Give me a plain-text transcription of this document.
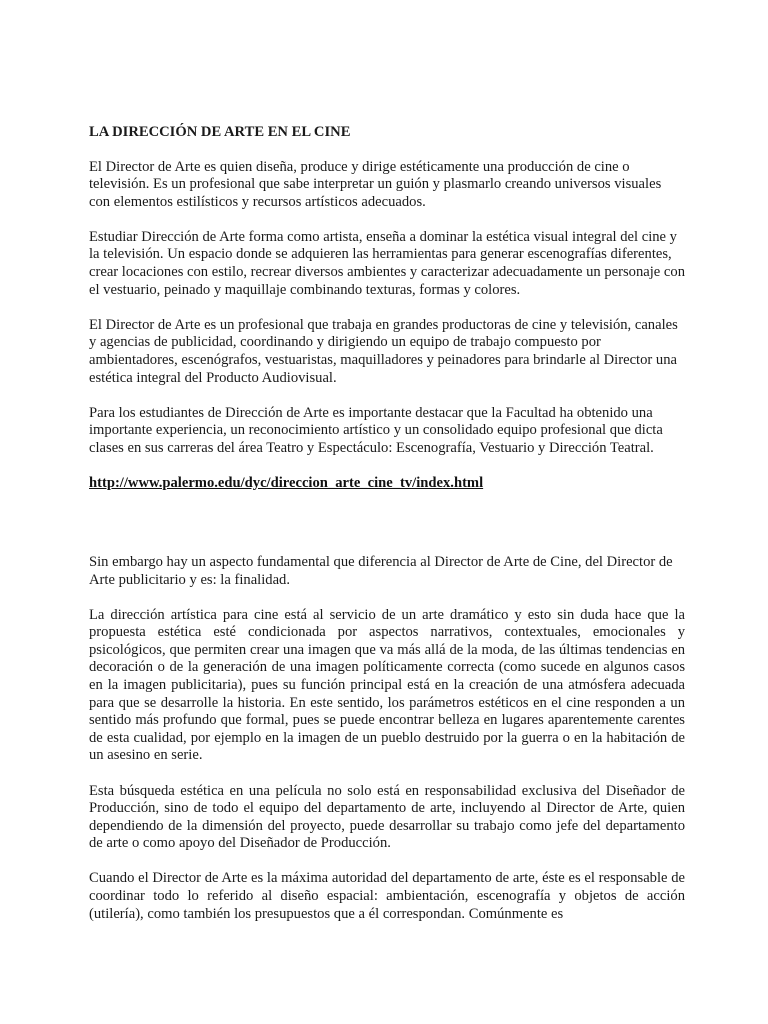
LA DIRECCIÓN DE ARTE EN EL CINE

El Director de Arte es quien diseña, produce y dirige estéticamente una producción de cine o televisión. Es un profesional que sabe interpretar un guión y plasmarlo creando universos visuales con elementos estilísticos y recursos artísticos adecuados.

Estudiar Dirección de Arte forma como artista, enseña a dominar la estética visual integral del cine y la televisión. Un espacio donde se adquieren las herramientas para generar escenografías diferentes, crear locaciones con estilo, recrear diversos ambientes y caracterizar adecuadamente un personaje con el vestuario, peinado y maquillaje combinando texturas, formas y colores.

El Director de Arte es un profesional que trabaja en grandes productoras de cine y televisión, canales y agencias de publicidad, coordinando y dirigiendo un equipo de trabajo compuesto por ambientadores, escenógrafos, vestuaristas, maquilladores y peinadores para brindarle al Director una estética integral del Producto Audiovisual.

Para los estudiantes de Dirección de Arte es importante destacar que la Facultad ha obtenido una importante experiencia, un reconocimiento artístico y un consolidado equipo profesional que dicta clases en sus carreras del área Teatro y Espectáculo: Escenografía, Vestuario y Dirección Teatral.

http://www.palermo.edu/dyc/direccion_arte_cine_tv/index.html

Sin embargo hay un aspecto fundamental que diferencia al Director de Arte de Cine, del Director de Arte publicitario y es: la finalidad.

La dirección artística para cine está al servicio de un arte dramático y esto sin duda hace que la propuesta estética esté condicionada por aspectos narrativos, contextuales, emocionales y psicológicos, que permiten crear una imagen que va más allá de la moda, de las últimas tendencias en decoración o de la generación de una imagen políticamente correcta (como sucede en algunos casos en la imagen publicitaria), pues su función principal está en la creación de una atmósfera adecuada para que se desarrolle la historia. En este sentido, los parámetros estéticos en el cine responden a un sentido más profundo que formal, pues se puede encontrar belleza en lugares aparentemente carentes de esta cualidad, por ejemplo en la imagen de un pueblo destruido por la guerra o en la habitación de un asesino en serie.

Esta búsqueda estética en una película no solo está en responsabilidad exclusiva del Diseñador de Producción, sino de todo el equipo del departamento de arte, incluyendo al Director de Arte, quien dependiendo de la dimensión del proyecto, puede desarrollar su trabajo como jefe del departamento de arte o como apoyo del Diseñador de Producción.

Cuando el Director de Arte es la máxima autoridad del departamento de arte, éste es el responsable de coordinar todo lo referido al diseño espacial: ambientación, escenografía y objetos de acción (utilería), como también los presupuestos que a él correspondan. Comúnmente es
